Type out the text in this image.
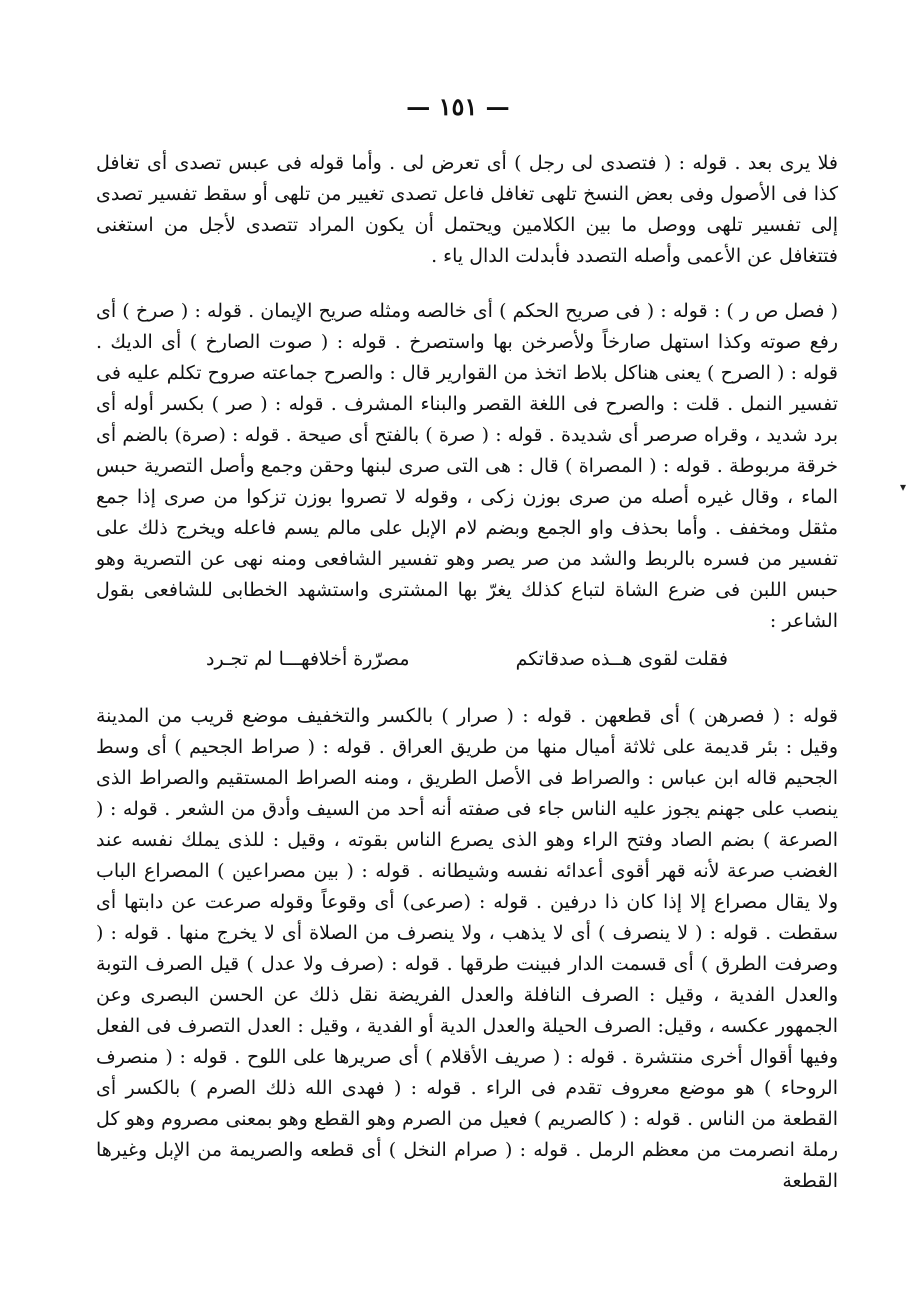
— ١٥١ —

فلا يرى بعد . قوله : ( فتصدى لى رجل ) أى تعرض لى . وأما قوله فى عبس تصدى أى تغافل كذا فى الأصول وفى بعض النسخ تلهى تغافل فاعل تصدى تغيير من تلهى أو سقط تفسير تصدى إلى تفسير تلهى ووصل ما بين الكلامين ويحتمل أن يكون المراد تتصدى لأجل من استغنى فتتغافل عن الأعمى وأصله التصدد فأبدلت الدال ياء .

( فصل ص ر ) : قوله : ( فى صريح الحكم ) أى خالصه ومثله صريح الإيمان . قوله : ( صرخ ) أى رفع صوته وكذا استهل صارخاً ولأصرخن بها واستصرخ . قوله : ( صوت الصارخ ) أى الديك . قوله : ( الصرح ) يعنى هناكل بلاط اتخذ من القوارير قال : والصرح جماعته صروح تكلم عليه فى تفسير النمل . قلت : والصرح فى اللغة القصر والبناء المشرف . قوله : ( صر ) بكسر أوله أى برد شديد ، وقراه صرصر أى شديدة . قوله : ( صرة ) بالفتح أى صيحة . قوله : (صرة) بالضم أى خرقة مربوطة . قوله : ( المصراة ) قال : هى التى صرى لبنها وحقن وجمع وأصل التصرية حبس الماء ، وقال غيره أصله من صرى بوزن زكى ، وقوله لا تصروا بوزن تزكوا من صرى إذا جمع مثقل ومخفف . وأما بحذف واو الجمع وبضم لام الإبل على مالم يسم فاعله ويخرج ذلك على تفسير من فسره بالربط والشد من صر يصر وهو تفسير الشافعى ومنه نهى عن التصرية وهو حبس اللبن فى ضرع الشاة لتباع كذلك يغرّ بها المشترى واستشهد الخطابى للشافعى بقول الشاعر :

فقلت لقوى هــذه صدقاتكم
مصرّرة أخلافهـــا لم تجـرد

قوله : ( فصرهن ) أى قطعهن . قوله : ( صرار ) بالكسر والتخفيف موضع قريب من المدينة وقيل : بئر قديمة على ثلاثة أميال منها من طريق العراق . قوله : ( صراط الجحيم ) أى وسط الجحيم قاله ابن عباس : والصراط فى الأصل الطريق ، ومنه الصراط المستقيم والصراط الذى ينصب على جهنم يجوز عليه الناس جاء فى صفته أنه أحد من السيف وأدق من الشعر . قوله : ( الصرعة ) بضم الصاد وفتح الراء وهو الذى يصرع الناس بقوته ، وقيل : للذى يملك نفسه عند الغضب صرعة لأنه قهر أقوى أعدائه نفسه وشيطانه . قوله : ( بين مصراعين ) المصراع الباب ولا يقال مصراع إلا إذا كان ذا درفين . قوله : (صرعى) أى وقوعاً وقوله صرعت عن دابتها أى سقطت . قوله : ( لا ينصرف ) أى لا يذهب ، ولا ينصرف من الصلاة أى لا يخرج منها . قوله : ( وصرفت الطرق ) أى قسمت الدار فبينت طرقها . قوله : (صرف ولا عدل ) قيل الصرف التوبة والعدل الفدية ، وقيل : الصرف النافلة والعدل الفريضة نقل ذلك عن الحسن البصرى وعن الجمهور عكسه ، وقيل: الصرف الحيلة والعدل الدية أو الفدية ، وقيل : العدل التصرف فى الفعل وفيها أقوال أخرى منتشرة . قوله : ( صريف الأقلام ) أى صريرها على اللوح . قوله : ( منصرف الروحاء ) هو موضع معروف تقدم فى الراء . قوله : ( فهدى الله ذلك الصرم ) بالكسر أى القطعة من الناس . قوله : ( كالصريم ) فعيل من الصرم وهو القطع وهو بمعنى مصروم وهو كل رملة انصرمت من معظم الرمل . قوله : ( صرام النخل ) أى قطعه والصريمة من الإبل وغيرها القطعة

▾
